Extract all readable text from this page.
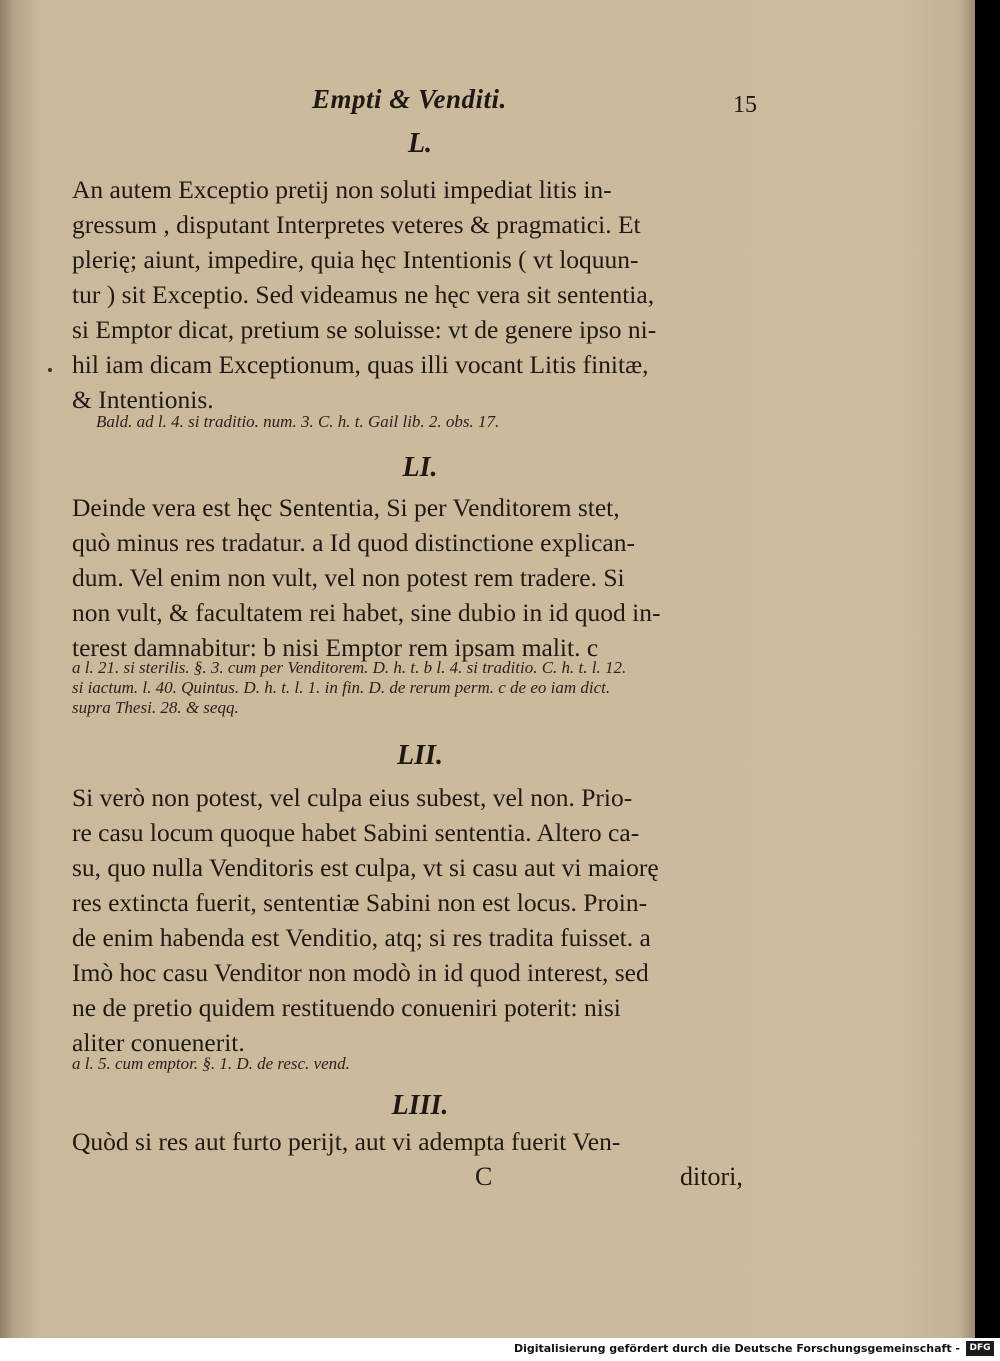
Empti & Venditi.	15
L.
An autem Exceptio pretij non soluti impediat litis in-
gressum , disputant Interpretes veteres & pragmatici. Et
plerię; aiunt, impedire, quia hęc Intentionis ( vt loquun-
tur ) sit Exceptio. Sed videamus ne hęc vera sit sententia,
si Emptor dicat, pretium se soluisse: vt de genere ipso ni-
hil iam dicam Exceptionum, quas illi vocant Litis finitæ,
& Intentionis.
Bald. ad l. 4. si traditio. num. 3. C. h. t. Gail lib. 2. obs. 17.
LI.
Deinde vera est hęc Sententia, Si per Venditorem stet,
quò minus res tradatur. a Id quod distinctione explican-
dum. Vel enim non vult, vel non potest rem tradere. Si
non vult, & facultatem rei habet, sine dubio in id quod in-
terest damnabitur: b nisi Emptor rem ipsam malit. c
a l. 21. si sterilis. §. 3. cum per Venditorem. D. h. t. b l. 4. si traditio. C. h. t. l. 12.
si iactum. l. 40. Quintus. D. h. t. l. 1. in fin. D. de rerum perm. c de eo iam dict.
supra Thesi. 28. & seqq.
LII.
Si verò non potest, vel culpa eius subest, vel non. Prio-
re casu locum quoque habet Sabini sententia. Altero ca-
su, quo nulla Venditoris est culpa, vt si casu aut vi maiorę
res extincta fuerit, sententiæ Sabini non est locus. Proin-
de enim habenda est Venditio, atq; si res tradita fuisset. a
Imò hoc casu Venditor non modò in id quod interest, sed
ne de pretio quidem restituendo conueniri poterit: nisi
aliter conuenerit.
a l. 5. cum emptor. §. 1. D. de resc. vend.
LIII.
Quòd si res aut furto perijt, aut vi adempta fuerit Ven-
C	ditori,
Digitalisierung gefördert durch die Deutsche Forschungsgemeinschaft -	DFG
